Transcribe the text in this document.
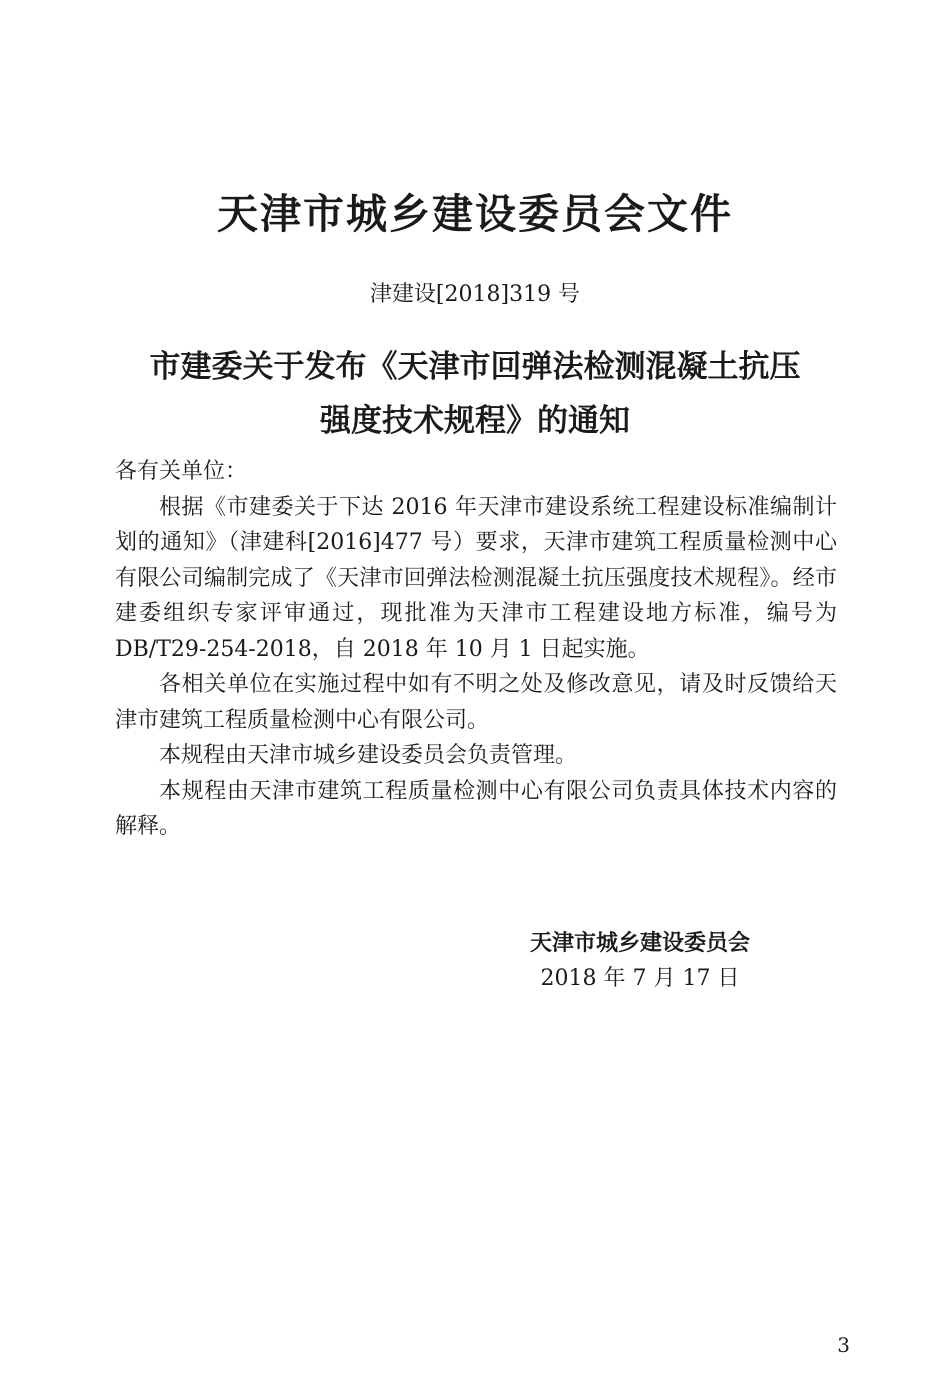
天津市城乡建设委员会文件
津建设[2018]319 号
市建委关于发布《天津市回弹法检测混凝土抗压
强度技术规程》的通知

各有关单位：

根据《市建委关于下达 2016 年天津市建设系统工程建设标准编制计划的通知》（津建科[2016]477 号）要求，天津市建筑工程质量检测中心有限公司编制完成了《天津市回弹法检测混凝土抗压强度技术规程》。经市建委组织专家评审通过，现批准为天津市工程建设地方标准，编号为 DB/T29-254-2018，自 2018 年 10 月 1 日起实施。

各相关单位在实施过程中如有不明之处及修改意见，请及时反馈给天津市建筑工程质量检测中心有限公司。

本规程由天津市城乡建设委员会负责管理。

本规程由天津市建筑工程质量检测中心有限公司负责具体技术内容的解释。

天津市城乡建设委员会
2018 年 7 月 17 日
3
